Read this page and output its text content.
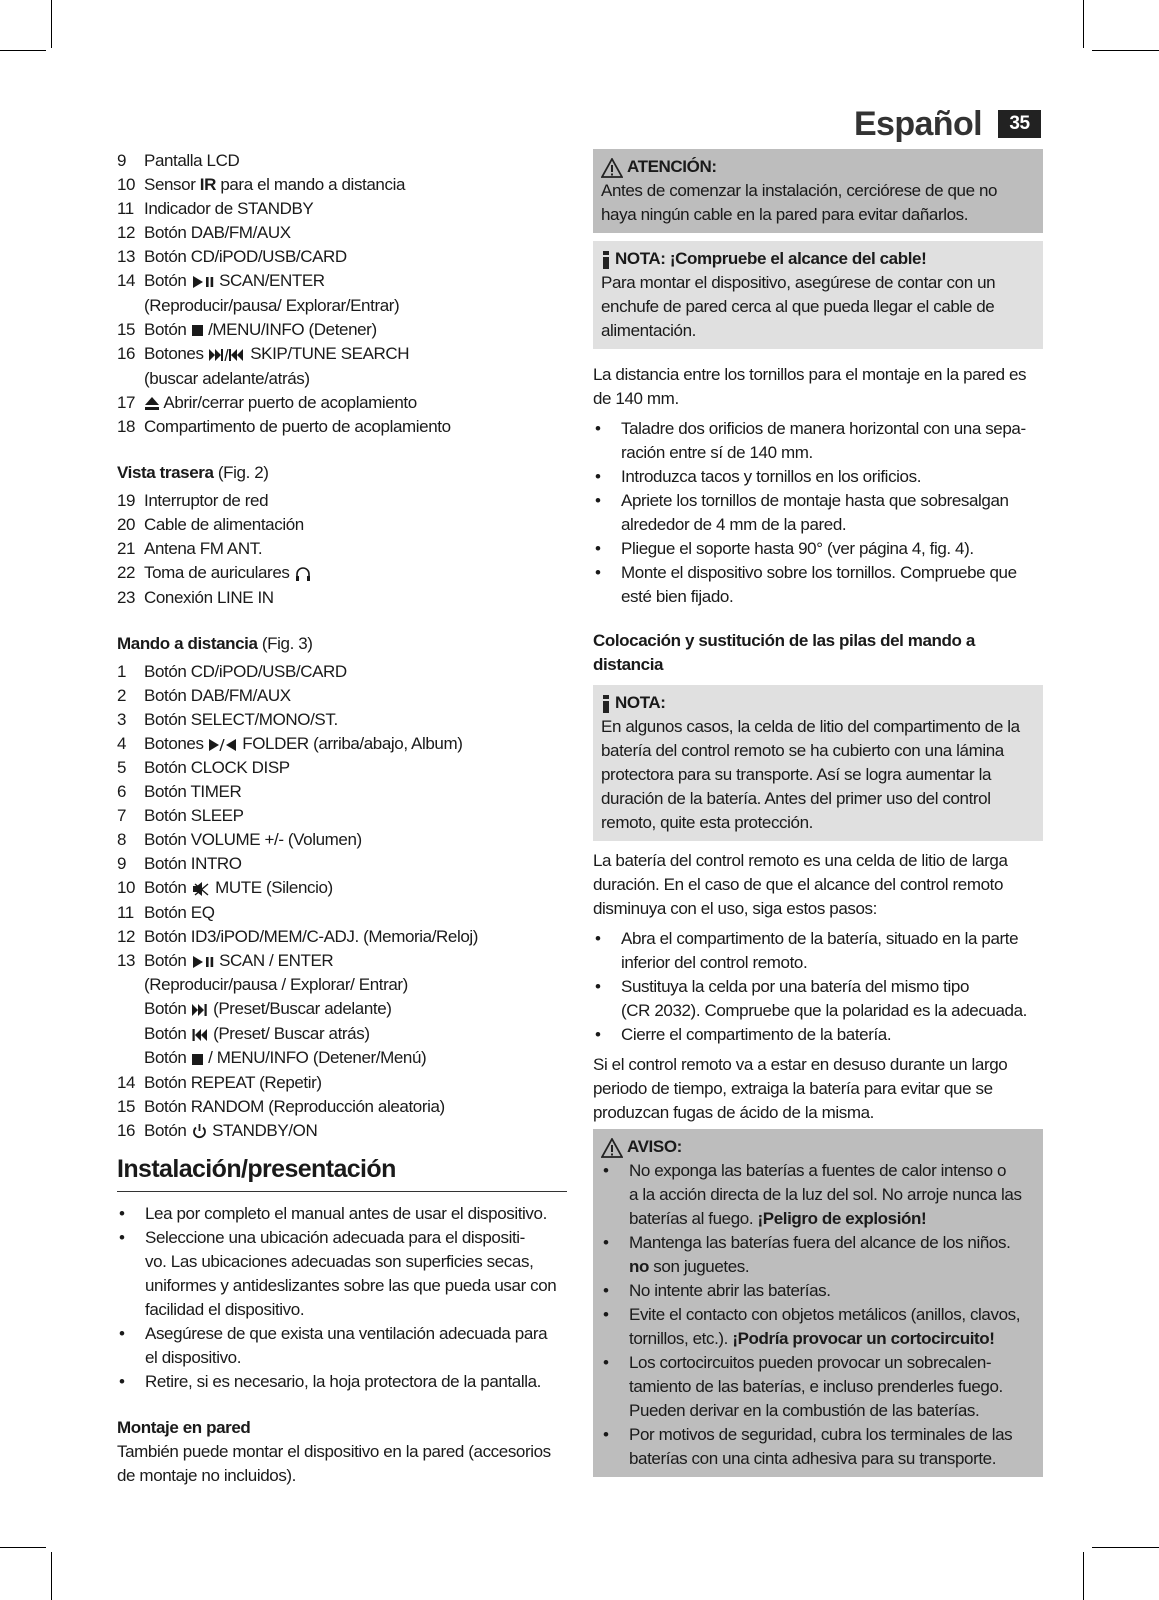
Español	35
9 Pantalla LCD
10 Sensor IR para el mando a distancia
11 Indicador de STANDBY
12 Botón DAB/FM/AUX
13 Botón CD/iPOD/USB/CARD
14 Botón  SCAN/ENTER
(Reproducir/pausa/ Explorar/Entrar)
15 Botón  /MENU/INFO (Detener)
16 Botones  SKIP/TUNE SEARCH
(buscar adelante/atrás)
17	Abrir/cerrar puerto de acoplamiento
18 Compartimento de puerto de acoplamiento
Vista trasera (Fig. 2)
19 Interruptor de red
20 Cable de alimentación
21 Antena FM ANT.
22 Toma de auriculares
23 Conexión LINE IN
Mando a distancia (Fig. 3)
1 Botón CD/iPOD/USB/CARD
2 Botón DAB/FM/AUX
3 Botón SELECT/MONO/ST.
4 Botones  FOLDER (arriba/abajo, Album)
5 Botón CLOCK DISP
6 Botón TIMER
7 Botón SLEEP
8 Botón VOLUME +/- (Volumen)
9 Botón INTRO
10 Botón  MUTE (Silencio)
11 Botón EQ
12 Botón ID3/iPOD/MEM/C-ADJ. (Memoria/Reloj)
13 Botón  SCAN / ENTER
(Reproducir/pausa / Explorar/ Entrar)
Botón  (Preset/Buscar adelante)
Botón  (Preset/ Buscar atrás)
Botón  / MENU/INFO (Detener/Menú)
14 Botón REPEAT (Repetir)
15 Botón RANDOM (Reproducción aleatoria)
16 Botón  STANDBY/ON
Instalación/presentación
• Lea por completo el manual antes de usar el dispositivo.
• Seleccione una ubicación adecuada para el dispositi-
vo. Las ubicaciones adecuadas son superficies secas,
uniformes y antideslizantes sobre las que pueda usar con
facilidad el dispositivo.
• Asegúrese de que exista una ventilación adecuada para
el dispositivo.
• Retire, si es necesario, la hoja protectora de la pantalla.
Montaje en pared
También puede montar el dispositivo en la pared (accesorios
de montaje no incluidos).
ATENCIÓN:
Antes de comenzar la instalación, cerciórese de que no
haya ningún cable en la pared para evitar dañarlos.
NOTA: ¡Compruebe el alcance del cable!
Para montar el dispositivo, asegúrese de contar con un
enchufe de pared cerca al que pueda llegar el cable de
alimentación.
La distancia entre los tornillos para el montaje en la pared es
de 140 mm.
• Taladre dos orificios de manera horizontal con una sepa-
ración entre sí de 140 mm.
• Introduzca tacos y tornillos en los orificios.
• Apriete los tornillos de montaje hasta que sobresalgan
alrededor de 4 mm de la pared.
• Pliegue el soporte hasta 90° (ver página 4, fig. 4).
• Monte el dispositivo sobre los tornillos. Compruebe que
esté bien fijado.
Colocación y sustitución de las pilas del mando a distancia
NOTA:
En algunos casos, la celda de litio del compartimento de la
batería del control remoto se ha cubierto con una lámina
protectora para su transporte. Así se logra aumentar la
duración de la batería. Antes del primer uso del control
remoto, quite esta protección.
La batería del control remoto es una celda de litio de larga
duración. En el caso de que el alcance del control remoto
disminuya con el uso, siga estos pasos:
• Abra el compartimento de la batería, situado en la parte
inferior del control remoto.
• Sustituya la celda por una batería del mismo tipo
(CR 2032). Compruebe que la polaridad es la adecuada.
• Cierre el compartimento de la batería.
Si el control remoto va a estar en desuso durante un largo
periodo de tiempo, extraiga la batería para evitar que se
produzcan fugas de ácido de la misma.
AVISO:
• No exponga las baterías a fuentes de calor intenso o
a la acción directa de la luz del sol. No arroje nunca las
baterías al fuego. ¡Peligro de explosión!
• Mantenga las baterías fuera del alcance de los niños.
no son juguetes.
• No intente abrir las baterías.
• Evite el contacto con objetos metálicos (anillos, clavos,
tornillos, etc.). ¡Podría provocar un cortocircuito!
• Los cortocircuitos pueden provocar un sobrecalen-
tamiento de las baterías, e incluso prenderles fuego.
Pueden derivar en la combustión de las baterías.
• Por motivos de seguridad, cubra los terminales de las
baterías con una cinta adhesiva para su transporte.
